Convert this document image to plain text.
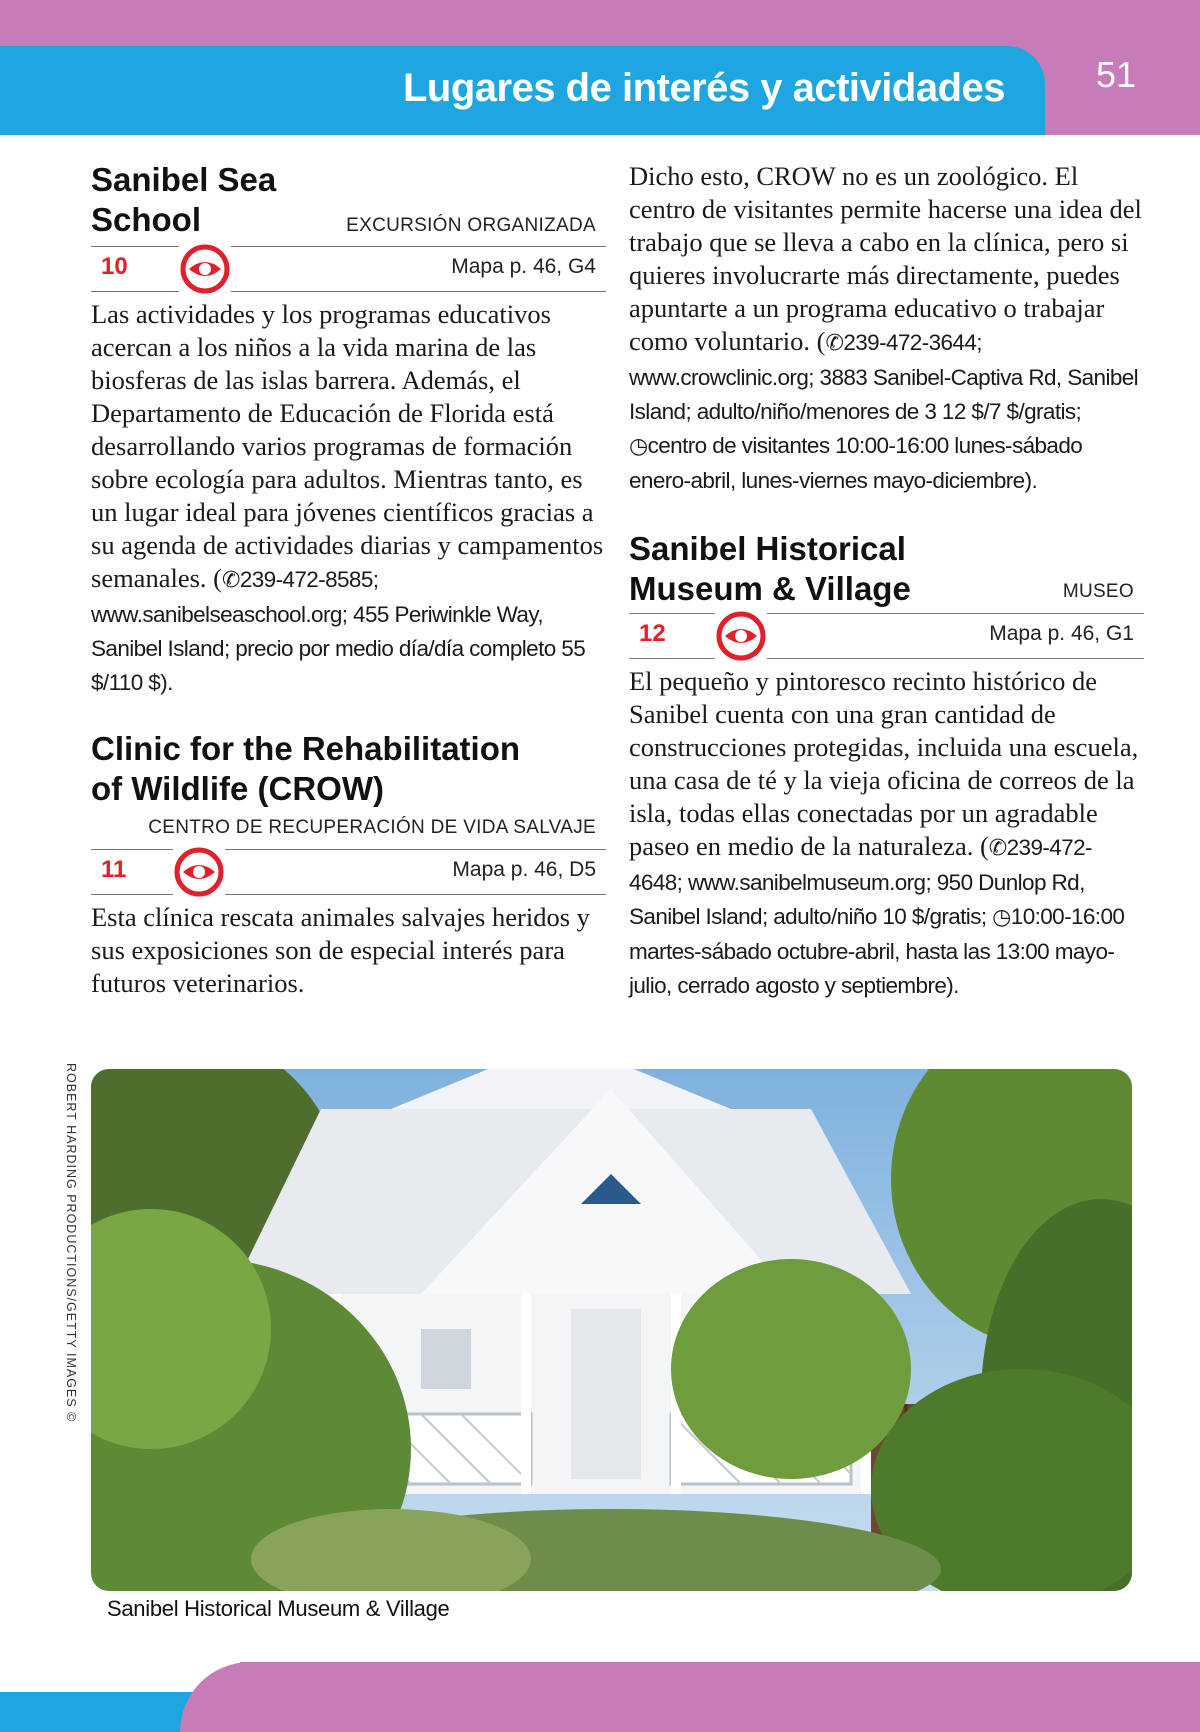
Lugares de interés y actividades	51
Sanibel Sea
School	EXCURSIÓN ORGANIZADA
10	Mapa p. 46, G4
Las actividades y los programas educativos acercan a los niños a la vida marina de las biosferas de las islas barrera. Además, el Departamento de Educación de Florida está desarrollando varios programas de formación sobre ecología para adultos. Mientras tanto, es un lugar ideal para jóvenes científicos gracias a su agenda de actividades diarias y campamentos semanales. (✆239-472-8585; www.sanibelseaschool.org; 455 Periwinkle Way, Sanibel Island; precio por medio día/día completo 55 $/110 $).
Clinic for the Rehabilitation
of Wildlife (CROW)
CENTRO DE RECUPERACIÓN DE VIDA SALVAJE
11	Mapa p. 46, D5
Esta clínica rescata animales salvajes heridos y sus exposiciones son de especial interés para futuros veterinarios.
Dicho esto, CROW no es un zoológico. El centro de visitantes permite hacerse una idea del trabajo que se lleva a cabo en la clínica, pero si quieres involucrarte más directamente, puedes apuntarte a un programa educativo o trabajar como voluntario. (✆239-472-3644; www.crowclinic.org; 3883 Sanibel-Captiva Rd, Sanibel Island; adulto/niño/menores de 3 12 $/7 $/gratis; ◷centro de visitantes 10:00-16:00 lunes-sábado enero-abril, lunes-viernes mayo-diciembre).
Sanibel Historical
Museum & Village	MUSEO
12	Mapa p. 46, G1
El pequeño y pintoresco recinto histórico de Sanibel cuenta con una gran cantidad de construcciones protegidas, incluida una escuela, una casa de té y la vieja oficina de correos de la isla, todas ellas conectadas por un agradable paseo en medio de la naturaleza. (✆239-472-4648; www.sanibelmuseum.org; 950 Dunlop Rd, Sanibel Island; adulto/niño 10 $/gratis; ◷10:00-16:00 martes-sábado octubre-abril, hasta las 13:00 mayo-julio, cerrado agosto y septiembre).
ROBERT HARDING PRODUCTIONS/GETTY IMAGES ©
Sanibel Historical Museum & Village
